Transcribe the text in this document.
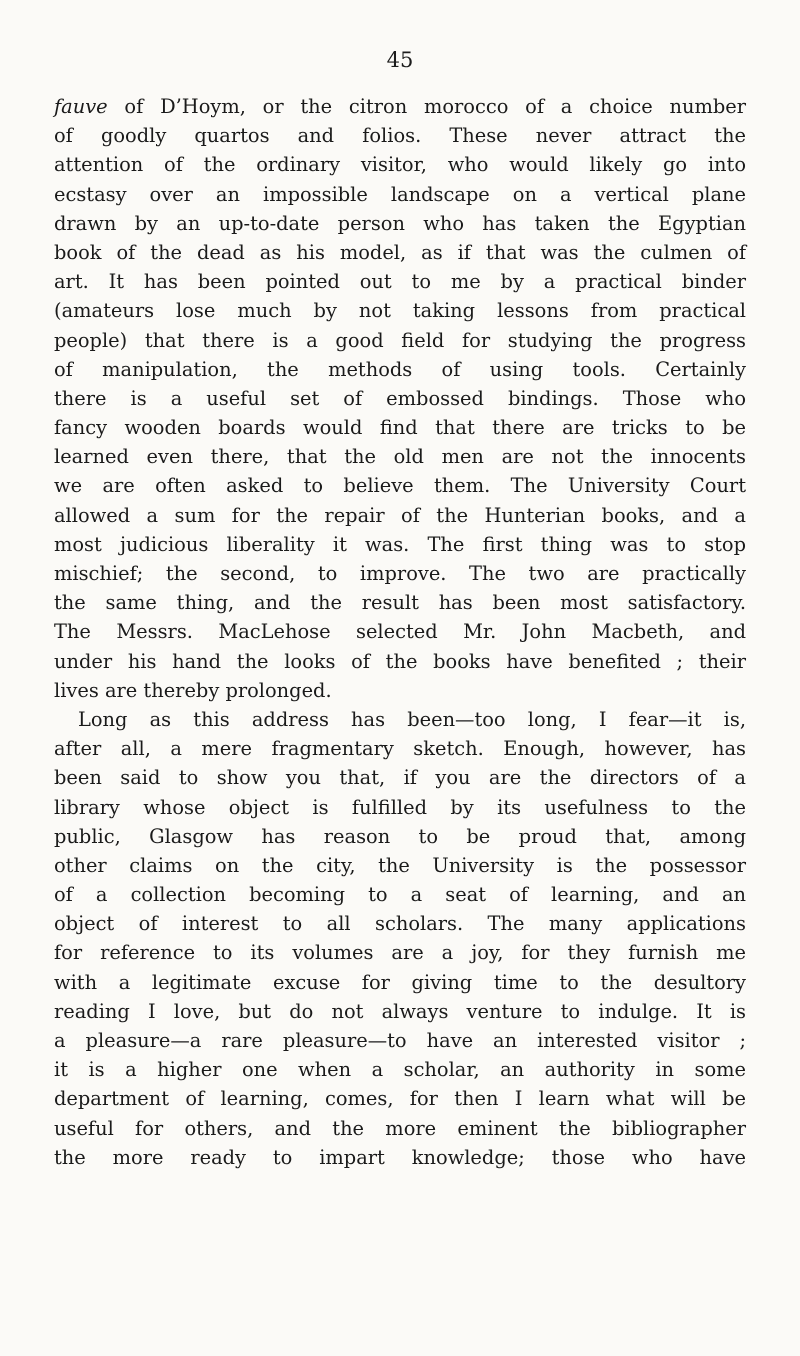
45
fauve of D’Hoym, or the citron morocco of a choice number
of goodly quartos and folios. These never attract the
attention of the ordinary visitor, who would likely go into
ecstasy over an impossible landscape on a vertical plane
drawn by an up-to-date person who has taken the Egyptian
book of the dead as his model, as if that was the culmen of
art. It has been pointed out to me by a practical binder
(amateurs lose much by not taking lessons from practical
people) that there is a good field for studying the progress
of manipulation, the methods of using tools. Certainly
there is a useful set of embossed bindings. Those who
fancy wooden boards would find that there are tricks to be
learned even there, that the old men are not the innocents
we are often asked to believe them. The University Court
allowed a sum for the repair of the Hunterian books, and a
most judicious liberality it was. The first thing was to stop
mischief; the second, to improve. The two are practically
the same thing, and the result has been most satisfactory.
The Messrs. MacLehose selected Mr. John Macbeth, and
under his hand the looks of the books have benefited ; their
lives are thereby prolonged.
Long as this address has been—too long, I fear—it is,
after all, a mere fragmentary sketch. Enough, however, has
been said to show you that, if you are the directors of a
library whose object is fulfilled by its usefulness to the
public, Glasgow has reason to be proud that, among
other claims on the city, the University is the possessor
of a collection becoming to a seat of learning, and an
object of interest to all scholars. The many applications
for reference to its volumes are a joy, for they furnish me
with a legitimate excuse for giving time to the desultory
reading I love, but do not always venture to indulge. It is
a pleasure—a rare pleasure—to have an interested visitor ;
it is a higher one when a scholar, an authority in some
department of learning, comes, for then I learn what will be
useful for others, and the more eminent the bibliographer
the more ready to impart knowledge; those who have
